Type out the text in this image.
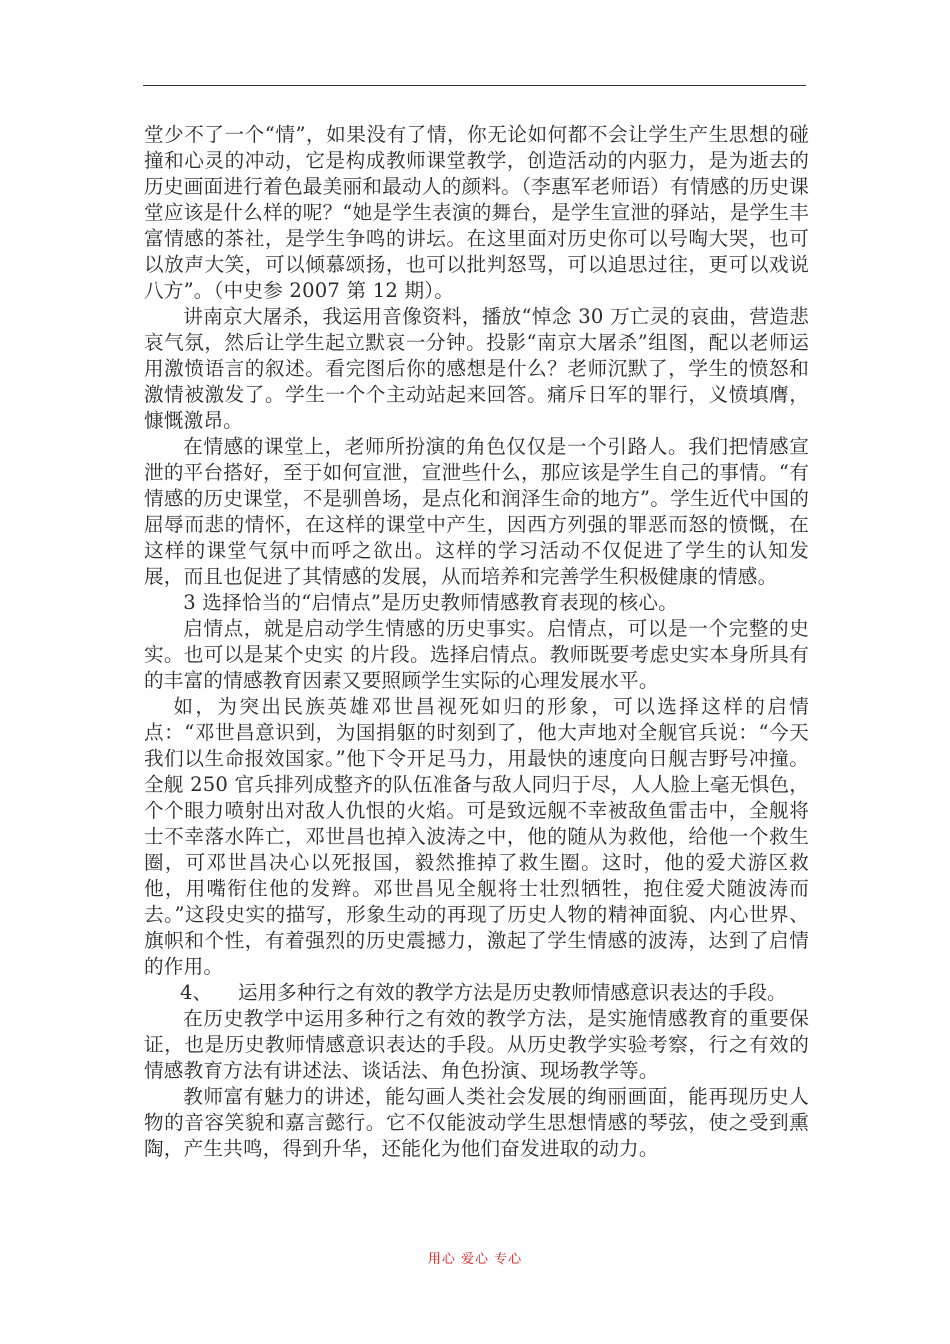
堂少不了一个“情”，如果没有了情，你无论如何都不会让学生产生思想的碰撞和心灵的冲动，它是构成教师课堂教学，创造活动的内驱力，是为逝去的历史画面进行着色最美丽和最动人的颜料。（李惠军老师语）有情感的历史课堂应该是什么样的呢？“她是学生表演的舞台，是学生宣泄的驿站，是学生丰富情感的茶社，是学生争鸣的讲坛。在这里面对历史你可以号啕大哭，也可以放声大笑，可以倾慕颂扬，也可以批判怒骂，可以追思过往，更可以戏说八方”。（中史参 2007 第 12 期）。

讲南京大屠杀，我运用音像资料，播放“悼念 30 万亡灵的哀曲，营造悲哀气氛，然后让学生起立默哀一分钟。投影“南京大屠杀”组图，配以老师运用激愤语言的叙述。看完图后你的感想是什么？老师沉默了，学生的愤怒和激情被激发了。学生一个个主动站起来回答。痛斥日军的罪行，义愤填膺，慷慨激昂。

在情感的课堂上，老师所扮演的角色仅仅是一个引路人。我们把情感宣泄的平台搭好，至于如何宣泄，宣泄些什么，那应该是学生自己的事情。“有情感的历史课堂，不是驯兽场，是点化和润泽生命的地方”。学生近代中国的屈辱而悲的情怀，在这样的课堂中产生，因西方列强的罪恶而怒的愤慨，在这样的课堂气氛中而呼之欲出。这样的学习活动不仅促进了学生的认知发展，而且也促进了其情感的发展，从而培养和完善学生积极健康的情感。

3 选择恰当的“启情点”是历史教师情感教育表现的核心。

启情点，就是启动学生情感的历史事实。启情点，可以是一个完整的史实。也可以是某个史实 的片段。选择启情点。教师既要考虑史实本身所具有的丰富的情感教育因素又要照顾学生实际的心理发展水平。

如，为突出民族英雄邓世昌视死如归的形象，可以选择这样的启情点：“邓世昌意识到，为国捐躯的时刻到了，他大声地对全舰官兵说：“今天我们以生命报效国家。”他下令开足马力，用最快的速度向日舰吉野号冲撞。全舰 250 官兵排列成整齐的队伍准备与敌人同归于尽，人人脸上毫无惧色，个个眼力喷射出对敌人仇恨的火焰。可是致远舰不幸被敌鱼雷击中，全舰将士不幸落水阵亡，邓世昌也掉入波涛之中，他的随从为救他，给他一个救生圈，可邓世昌决心以死报国，毅然推掉了救生圈。这时，他的爱犬游区救他，用嘴衔住他的发辫。邓世昌见全舰将士壮烈牺牲，抱住爱犬随波涛而去。”这段史实的描写，形象生动的再现了历史人物的精神面貌、内心世界、旗帜和个性，有着强烈的历史震撼力，激起了学生情感的波涛，达到了启情的作用。

4、	运用多种行之有效的教学方法是历史教师情感意识表达的手段。

在历史教学中运用多种行之有效的教学方法，是实施情感教育的重要保证，也是历史教师情感意识表达的手段。从历史教学实验考察，行之有效的情感教育方法有讲述法、谈话法、角色扮演、现场教学等。

教师富有魅力的讲述，能勾画人类社会发展的绚丽画面，能再现历史人物的音容笑貌和嘉言懿行。它不仅能波动学生思想情感的琴弦，使之受到熏陶，产生共鸣，得到升华，还能化为他们奋发进取的动力。

用心 爱心 专心
